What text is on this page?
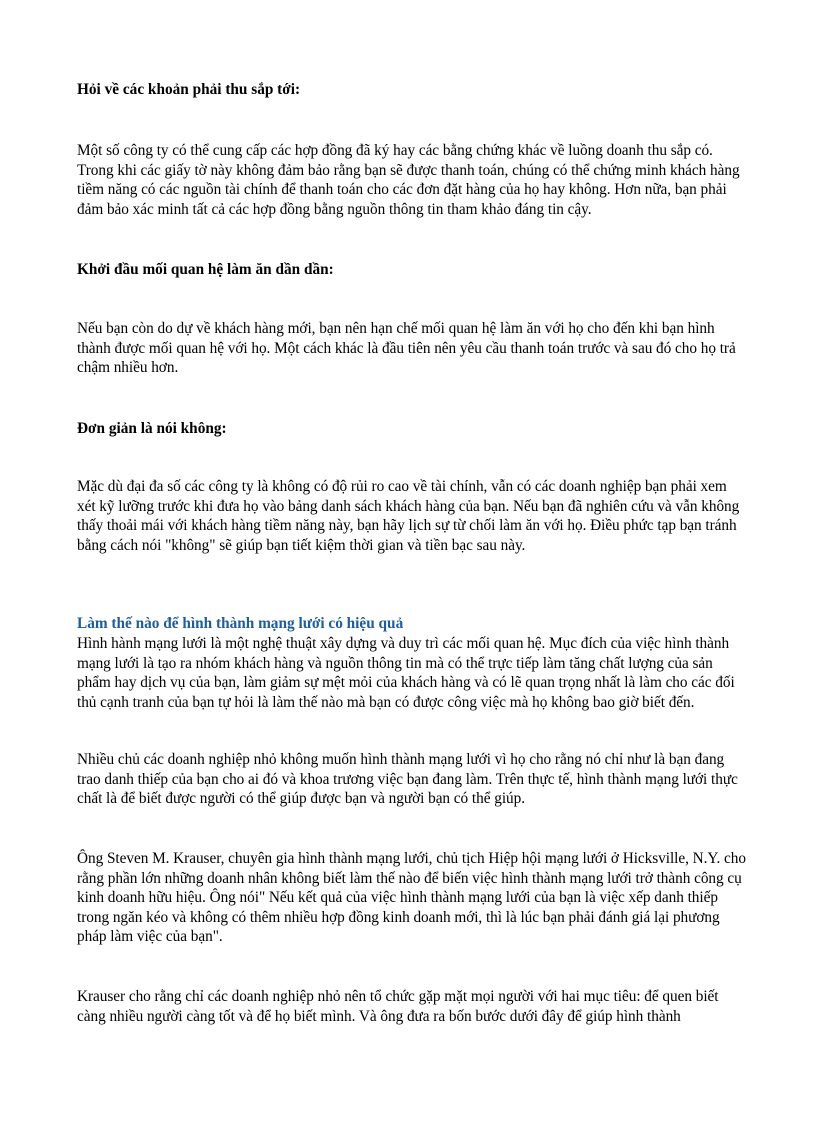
Hỏi về các khoản phải thu sắp tới:

Một số công ty có thể cung cấp các hợp đồng đã ký hay các bằng chứng khác về luồng doanh thu sắp có. Trong khi các giấy tờ này không đảm bảo rằng bạn sẽ được thanh toán, chúng có thể chứng minh khách hàng tiềm năng có các nguồn tài chính để thanh toán cho các đơn đặt hàng của họ hay không. Hơn nữa, bạn phải đảm bảo xác minh tất cả các hợp đồng bằng nguồn thông tin tham khảo đáng tin cậy.

Khởi đầu mối quan hệ làm ăn dần dần:

Nếu bạn còn do dự về khách hàng mới, bạn nên hạn chế mối quan hệ làm ăn với họ cho đến khi bạn hình thành được mối quan hệ với họ. Một cách khác là đầu tiên nên yêu cầu thanh toán trước và sau đó cho họ trả chậm nhiều hơn.

Đơn giản là nói không:

Mặc dù đại đa số các công ty là không có độ rủi ro cao về tài chính, vẫn có các doanh nghiệp bạn phải xem xét kỹ lưỡng trước khi đưa họ vào bảng danh sách khách hàng của bạn. Nếu bạn đã nghiên cứu và vẫn không thấy thoải mái với khách hàng tiềm năng này, bạn hãy lịch sự từ chối làm ăn với họ. Điều phức tạp bạn tránh bằng cách nói "không" sẽ giúp bạn tiết kiệm thời gian và tiền bạc sau này.

Làm thế nào để hình thành mạng lưới có hiệu quả

Hình hành mạng lưới là một nghệ thuật xây dựng và duy trì các mối quan hệ. Mục đích của việc hình thành mạng lưới là tạo ra nhóm khách hàng và nguồn thông tin mà có thể trực tiếp làm tăng chất lượng của sản phẩm hay dịch vụ của bạn, làm giảm sự mệt mỏi của khách hàng và có lẽ quan trọng nhất là làm cho các đối thủ cạnh tranh của bạn tự hỏi là làm thế nào mà bạn có được công việc mà họ không bao giờ biết đến.

Nhiều chủ các doanh nghiệp nhỏ không muốn hình thành mạng lưới vì họ cho rằng nó chỉ như là bạn đang trao danh thiếp của bạn cho ai đó và khoa trương việc bạn đang làm. Trên thực tế, hình thành mạng lưới thực chất là để biết được người có thể giúp được bạn và người bạn có thể giúp.

Ông Steven M. Krauser, chuyên gia hình thành mạng lưới, chủ tịch Hiệp hội mạng lưới ở Hicksville, N.Y. cho rằng phần lớn những doanh nhân không biết làm thế nào để biến việc hình thành mạng lưới trở thành công cụ kinh doanh hữu hiệu. Ông nói" Nếu kết quả của việc hình thành mạng lưới của bạn là việc xếp danh thiếp trong ngăn kéo và không có thêm nhiều hợp đồng kinh doanh mới, thì là lúc bạn phải đánh giá lại phương pháp làm việc của bạn".

Krauser cho rằng chỉ các doanh nghiệp nhỏ nên tổ chức gặp mặt mọi người với hai mục tiêu: để quen biết càng nhiều người càng tốt và để họ biết mình. Và ông đưa ra bốn bước dưới đây để giúp hình thành
